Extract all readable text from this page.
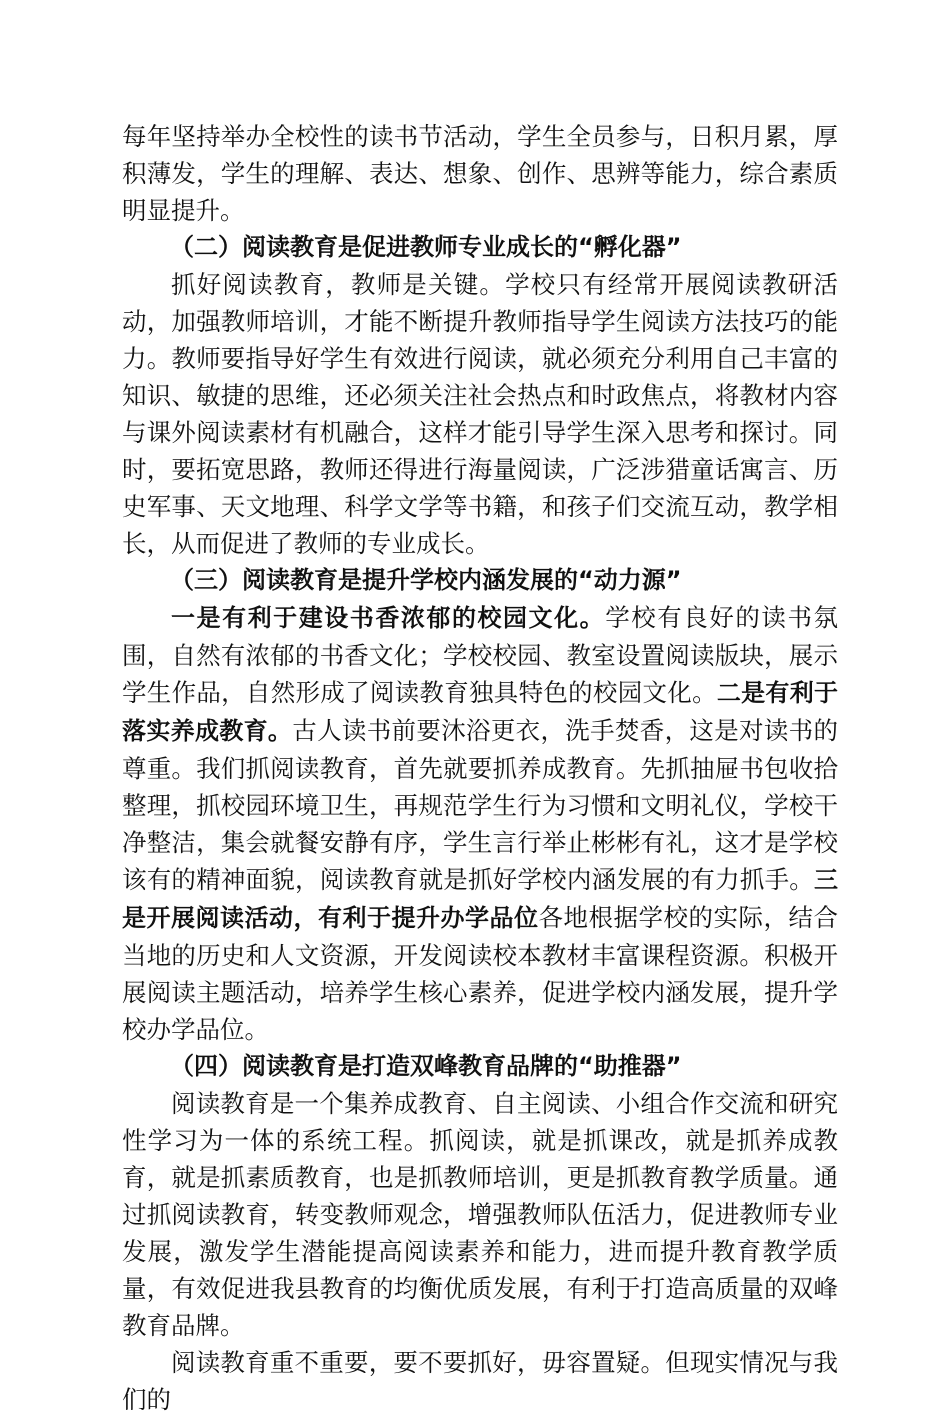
每年坚持举办全校性的读书节活动，学生全员参与，日积月累，厚积薄发，学生的理解、表达、想象、创作、思辨等能力，综合素质明显提升。

（二）阅读教育是促进教师专业成长的“孵化器”

抓好阅读教育，教师是关键。学校只有经常开展阅读教研活动，加强教师培训，才能不断提升教师指导学生阅读方法技巧的能力。教师要指导好学生有效进行阅读，就必须充分利用自己丰富的知识、敏捷的思维，还必须关注社会热点和时政焦点，将教材内容与课外阅读素材有机融合，这样才能引导学生深入思考和探讨。同时，要拓宽思路，教师还得进行海量阅读，广泛涉猎童话寓言、历史军事、天文地理、科学文学等书籍，和孩子们交流互动，教学相长，从而促进了教师的专业成长。

（三）阅读教育是提升学校内涵发展的“动力源”

一是有利于建设书香浓郁的校园文化。学校有良好的读书氛围，自然有浓郁的书香文化；学校校园、教室设置阅读版块，展示学生作品，自然形成了阅读教育独具特色的校园文化。二是有利于落实养成教育。古人读书前要沐浴更衣，洗手焚香，这是对读书的尊重。我们抓阅读教育，首先就要抓养成教育。先抓抽屉书包收拾整理，抓校园环境卫生，再规范学生行为习惯和文明礼仪，学校干净整洁，集会就餐安静有序，学生言行举止彬彬有礼，这才是学校该有的精神面貌，阅读教育就是抓好学校内涵发展的有力抓手。三是开展阅读活动，有利于提升办学品位各地根据学校的实际，结合当地的历史和人文资源，开发阅读校本教材丰富课程资源。积极开展阅读主题活动，培养学生核心素养，促进学校内涵发展，提升学校办学品位。

（四）阅读教育是打造双峰教育品牌的“助推器”

阅读教育是一个集养成教育、自主阅读、小组合作交流和研究性学习为一体的系统工程。抓阅读，就是抓课改，就是抓养成教育，就是抓素质教育，也是抓教师培训，更是抓教育教学质量。通过抓阅读教育，转变教师观念，增强教师队伍活力，促进教师专业发展，激发学生潜能提高阅读素养和能力，进而提升教育教学质量，有效促进我县教育的均衡优质发展，有利于打造高质量的双峰教育品牌。

阅读教育重不重要，要不要抓好，毋容置疑。但现实情况与我们的
